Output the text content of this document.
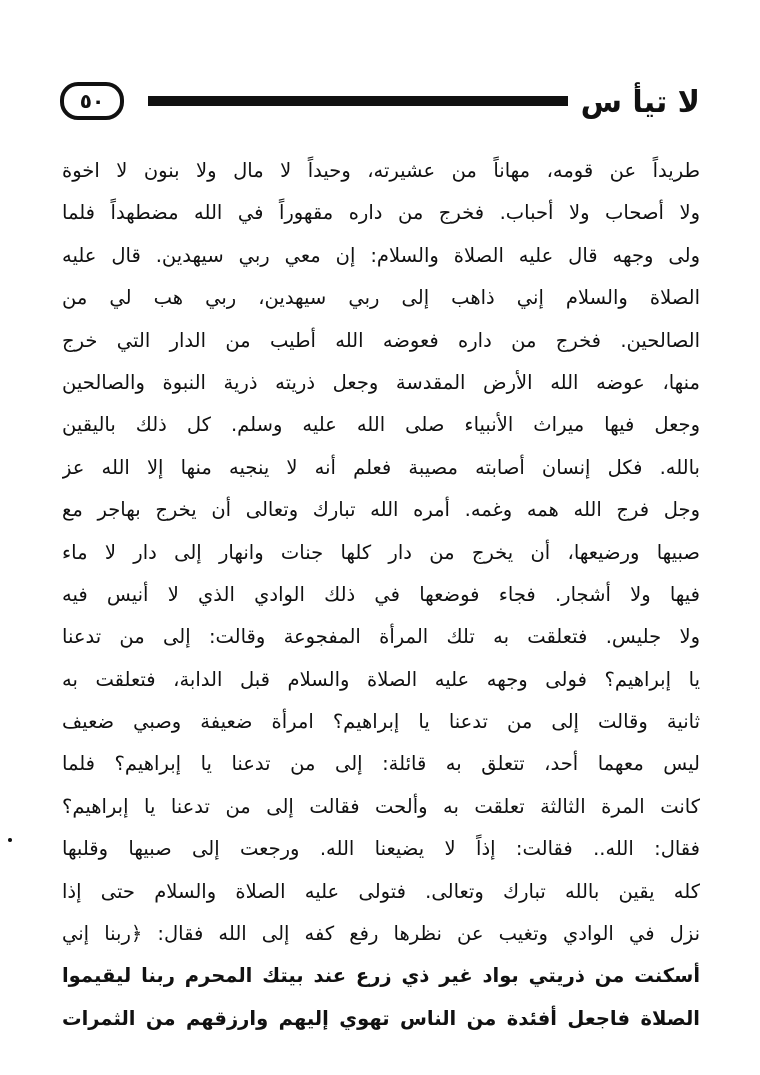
٥٠	لا تيأ س
طريداً عن قومه، مهاناً من عشيرته، وحيداً لا مال ولا بنون لا اخوة
ولا أصحاب ولا أحباب. فخرج من داره مقهوراً في الله مضطهداً فلما
ولى وجهه قال عليه الصلاة والسلام: إن معي ربي سيهدين. قال عليه
الصلاة والسلام إني ذاهب إلى ربي سيهدين، ربي هب لي من
الصالحين. فخرج من داره فعوضه الله أطيب من الدار التي خرج
منها، عوضه الله الأرض المقدسة وجعل ذريته ذرية النبوة والصالحين
وجعل فيها ميراث الأنبياء صلى الله عليه وسلم. كل ذلك باليقين
بالله. فكل إنسان أصابته مصيبة فعلم أنه لا ينجيه منها إلا الله عز
وجل فرج الله همه وغمه. أمره الله تبارك وتعالى أن يخرج بهاجر مع
صبيها ورضيعها، أن يخرج من دار كلها جنات وانهار إلى دار لا ماء
فيها ولا أشجار. فجاء فوضعها في ذلك الوادي الذي لا أنيس فيه
ولا جليس. فتعلقت به تلك المرأة المفجوعة وقالت: إلى من تدعنا
يا إبراهيم؟ فولى وجهه عليه الصلاة والسلام قبل الدابة، فتعلقت به
ثانية وقالت إلى من تدعنا يا إبراهيم؟ امرأة ضعيفة وصبي ضعيف
ليس معهما أحد، تتعلق به قائلة: إلى من تدعنا يا إبراهيم؟ فلما
كانت المرة الثالثة تعلقت به وألحت فقالت إلى من تدعنا يا إبراهيم؟
فقال: الله.. فقالت: إذاً لا يضيعنا الله. ورجعت إلى صبيها وقلبها
كله يقين بالله تبارك وتعالى. فتولى عليه الصلاة والسلام حتى إذا
نزل في الوادي وتغيب عن نظرها رفع كفه إلى الله فقال: ﴿ربنا إني
أسكنت من ذريتي بواد غير ذي زرع عند بيتك المحرم ربنا ليقيموا
الصلاة فاجعل أفئدة من الناس تهوي إليهم وارزقهم من الثمرات
